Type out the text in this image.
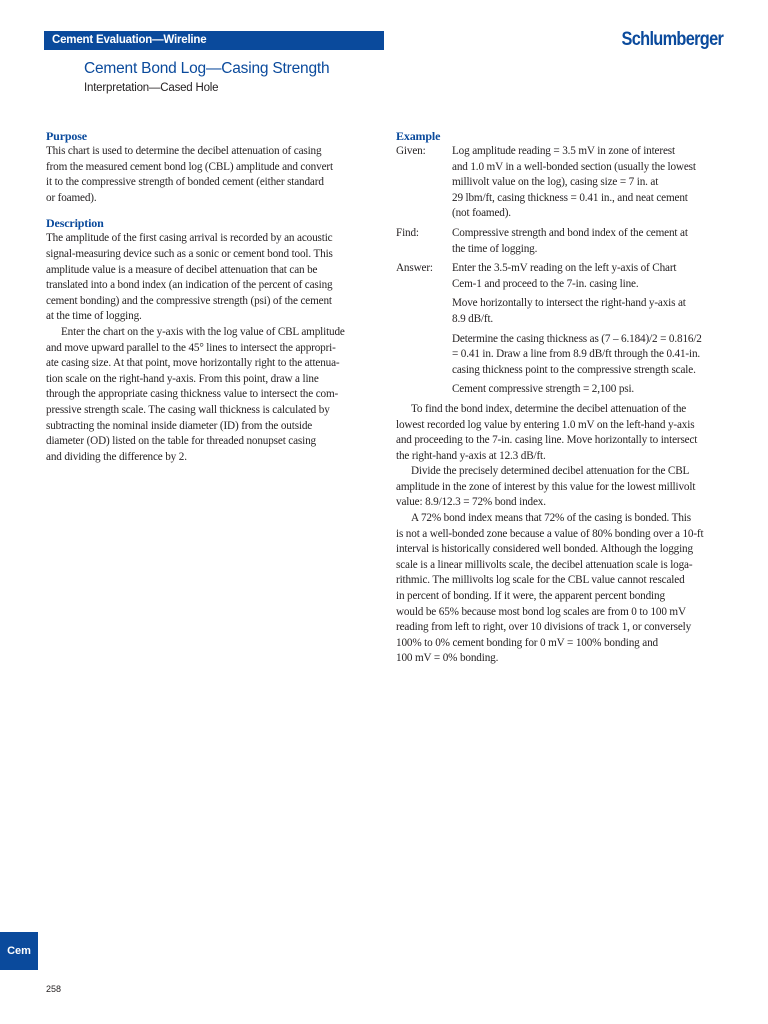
Cement Evaluation—Wireline	Schlumberger
Cement Bond Log—Casing Strength
Interpretation—Cased Hole
Purpose

This chart is used to determine the decibel attenuation of casing
from the measured cement bond log (CBL) amplitude and convert
it to the compressive strength of bonded cement (either standard
or foamed).

Description

The amplitude of the first casing arrival is recorded by an acoustic
signal-measuring device such as a sonic or cement bond tool. This
amplitude value is a measure of decibel attenuation that can be
translated into a bond index (an indication of the percent of casing
cement bonding) and the compressive strength (psi) of the cement
at the time of logging.

Enter the chart on the y-axis with the log value of CBL amplitude
and move upward parallel to the 45° lines to intersect the appropri-
ate casing size. At that point, move horizontally right to the attenua-
tion scale on the right-hand y-axis. From this point, draw a line
through the appropriate casing thickness value to intersect the com-
pressive strength scale. The casing wall thickness is calculated by
subtracting the nominal inside diameter (ID) from the outside
diameter (OD) listed on the table for threaded nonupset casing
and dividing the difference by 2.

Example
Given:	Log amplitude reading = 3.5 mV in zone of interest
and 1.0 mV in a well-bonded section (usually the lowest
millivolt value on the log), casing size = 7 in. at
29 lbm/ft, casing thickness = 0.41 in., and neat cement
(not foamed).
Find:	Compressive strength and bond index of the cement at
the time of logging.
Answer:	Enter the 3.5-mV reading on the left y-axis of Chart
Cem-1 and proceed to the 7-in. casing line.
Move horizontally to intersect the right-hand y-axis at
8.9 dB/ft.
Determine the casing thickness as (7 – 6.184)/2 = 0.816/2
= 0.41 in. Draw a line from 8.9 dB/ft through the 0.41-in.
casing thickness point to the compressive strength scale.
Cement compressive strength = 2,100 psi.

To find the bond index, determine the decibel attenuation of the
lowest recorded log value by entering 1.0 mV on the left-hand y-axis
and proceeding to the 7-in. casing line. Move horizontally to intersect
the right-hand y-axis at 12.3 dB/ft.

Divide the precisely determined decibel attenuation for the CBL
amplitude in the zone of interest by this value for the lowest millivolt
value: 8.9/12.3 = 72% bond index.

A 72% bond index means that 72% of the casing is bonded. This
is not a well-bonded zone because a value of 80% bonding over a 10-ft
interval is historically considered well bonded. Although the logging
scale is a linear millivolts scale, the decibel attenuation scale is loga-
rithmic. The millivolts log scale for the CBL value cannot rescaled
in percent of bonding. If it were, the apparent percent bonding
would be 65% because most bond log scales are from 0 to 100 mV
reading from left to right, over 10 divisions of track 1, or conversely
100% to 0% cement bonding for 0 mV = 100% bonding and
100 mV = 0% bonding.

Cem
258
